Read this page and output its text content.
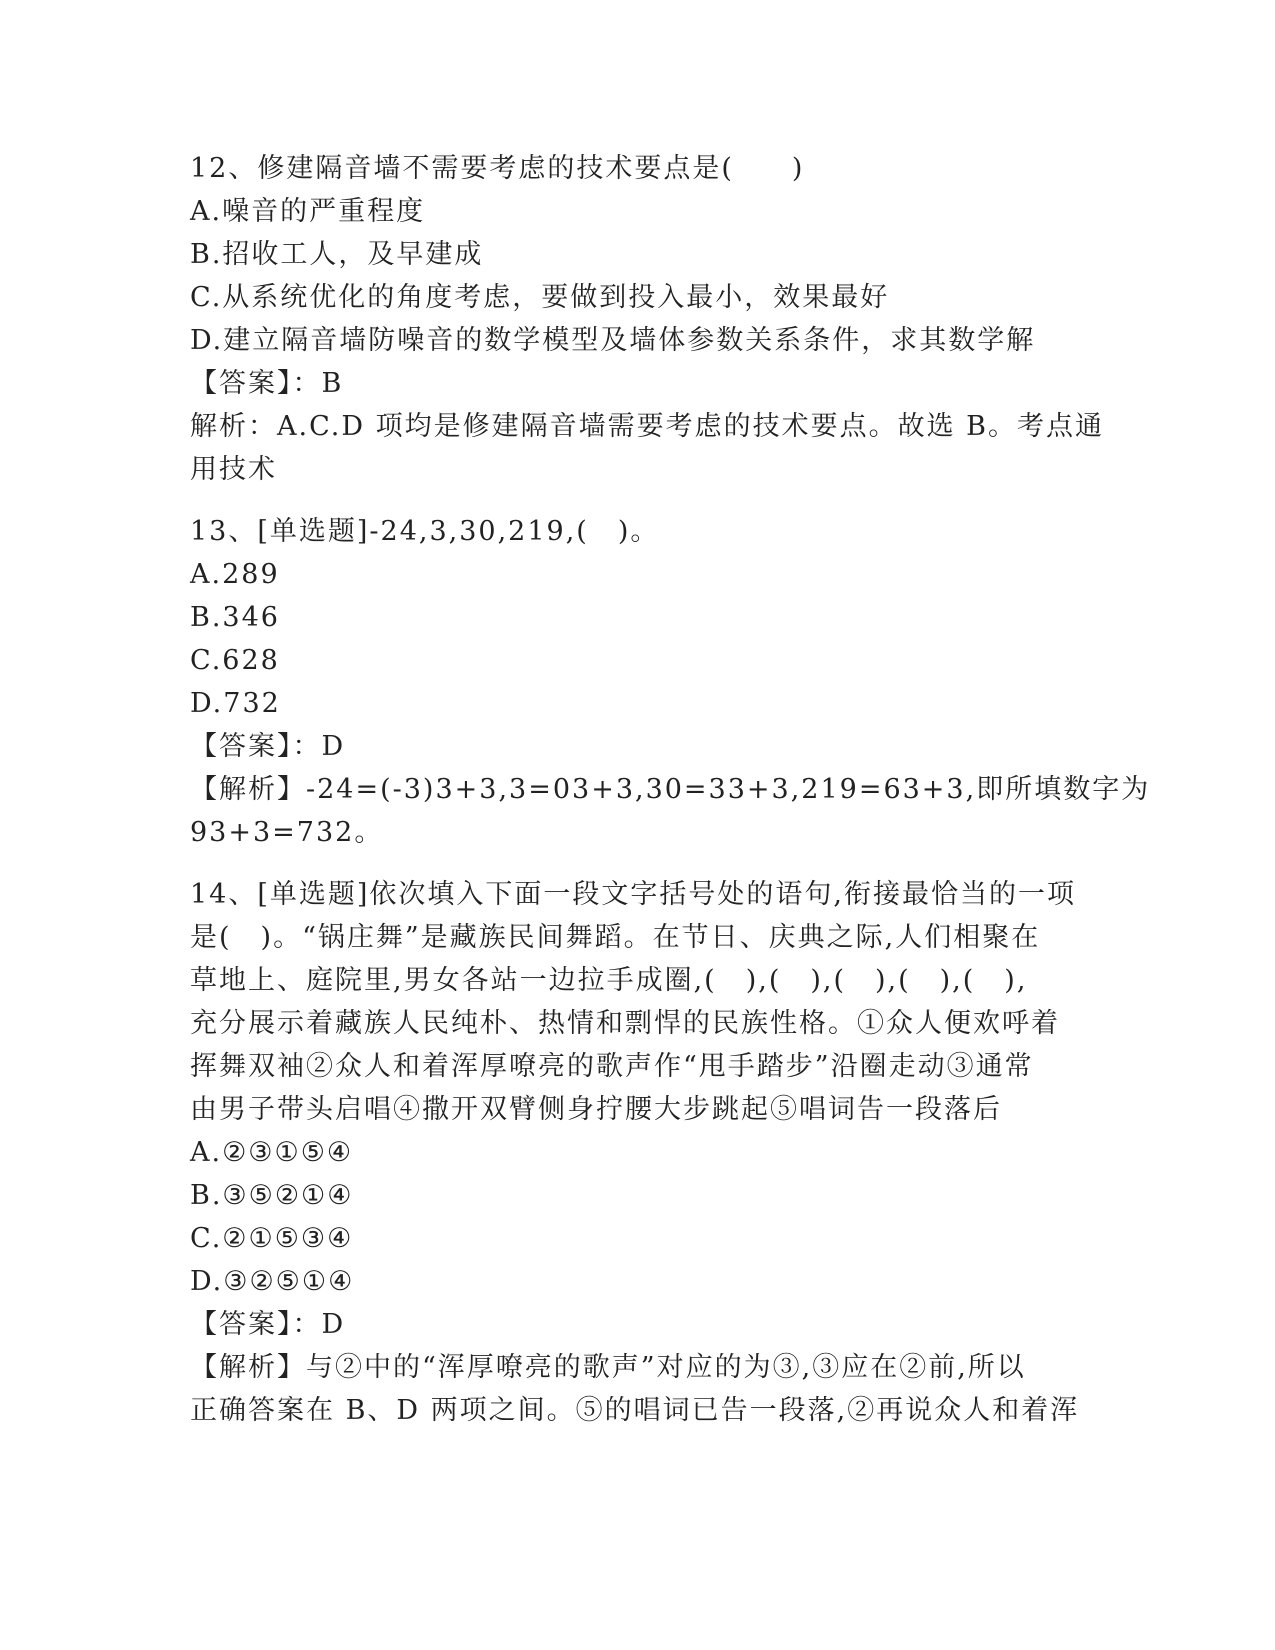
12、修建隔音墙不需要考虑的技术要点是(　　)
A.噪音的严重程度
B.招收工人，及早建成
C.从系统优化的角度考虑，要做到投入最小，效果最好
D.建立隔音墙防噪音的数学模型及墙体参数关系条件，求其数学解
【答案】：B
解析：A.C.D 项均是修建隔音墙需要考虑的技术要点。故选 B。考点通
用技术
13、[单选题]-24,3,30,219,(　)。
A.289
B.346
C.628
D.732
【答案】：D
【解析】-24=(-3)3+3,3=03+3,30=33+3,219=63+3,即所填数字为
93+3=732。
14、[单选题]依次填入下面一段文字括号处的语句,衔接最恰当的一项
是(　)。“锅庄舞”是藏族民间舞蹈。在节日、庆典之际,人们相聚在
草地上、庭院里,男女各站一边拉手成圈,(　),(　),(　),(　),(　),
充分展示着藏族人民纯朴、热情和剽悍的民族性格。①众人便欢呼着
挥舞双袖②众人和着浑厚嘹亮的歌声作“甩手踏步”沿圈走动③通常
由男子带头启唱④撒开双臂侧身拧腰大步跳起⑤唱词告一段落后
A.②③①⑤④
B.③⑤②①④
C.②①⑤③④
D.③②⑤①④
【答案】：D
【解析】与②中的“浑厚嘹亮的歌声”对应的为③,③应在②前,所以
正确答案在 B、D 两项之间。⑤的唱词已告一段落,②再说众人和着浑
